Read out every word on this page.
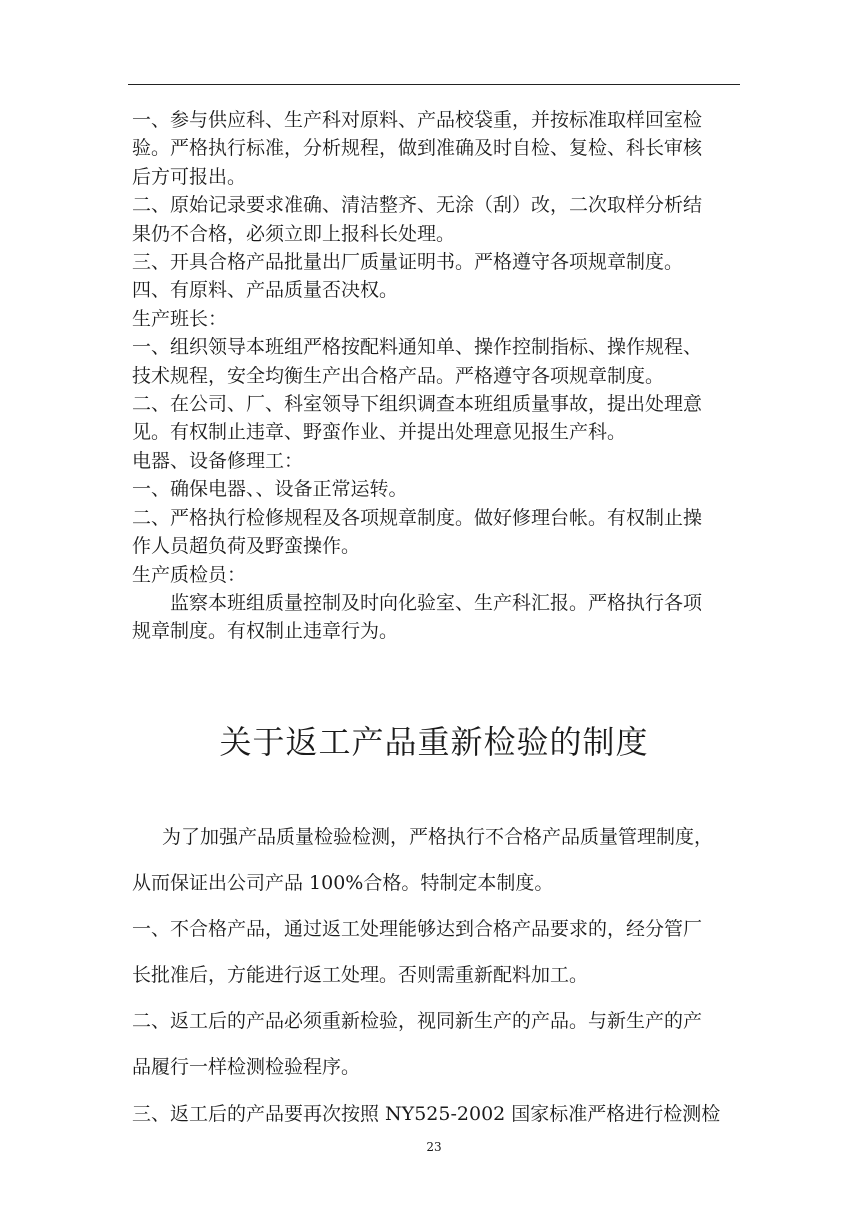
一、参与供应科、生产科对原料、产品校袋重，并按标准取样回室检

验。严格执行标准，分析规程，做到准确及时自检、复检、科长审核

后方可报出。

二、原始记录要求准确、清洁整齐、无涂（刮）改，二次取样分析结

果仍不合格，必须立即上报科长处理。

三、开具合格产品批量出厂质量证明书。严格遵守各项规章制度。

四、有原料、产品质量否决权。

生产班长：

一、组织领导本班组严格按配料通知单、操作控制指标、操作规程、

技术规程，安全均衡生产出合格产品。严格遵守各项规章制度。

二、在公司、厂、科室领导下组织调查本班组质量事故，提出处理意

见。有权制止违章、野蛮作业、并提出处理意见报生产科。

电器、设备修理工：

一、确保电器、、设备正常运转。

二、严格执行检修规程及各项规章制度。做好修理台帐。有权制止操

作人员超负荷及野蛮操作。

生产质检员：

监察本班组质量控制及时向化验室、生产科汇报。严格执行各项

规章制度。有权制止违章行为。

关于返工产品重新检验的制度

为了加强产品质量检验检测，严格执行不合格产品质量管理制度，

从而保证出公司产品 100%合格。特制定本制度。

一、不合格产品，通过返工处理能够达到合格产品要求的，经分管厂

长批准后，方能进行返工处理。否则需重新配料加工。

二、返工后的产品必须重新检验，视同新生产的产品。与新生产的产

品履行一样检测检验程序。

三、返工后的产品要再次按照 NY525-2002 国家标准严格进行检测检

23
